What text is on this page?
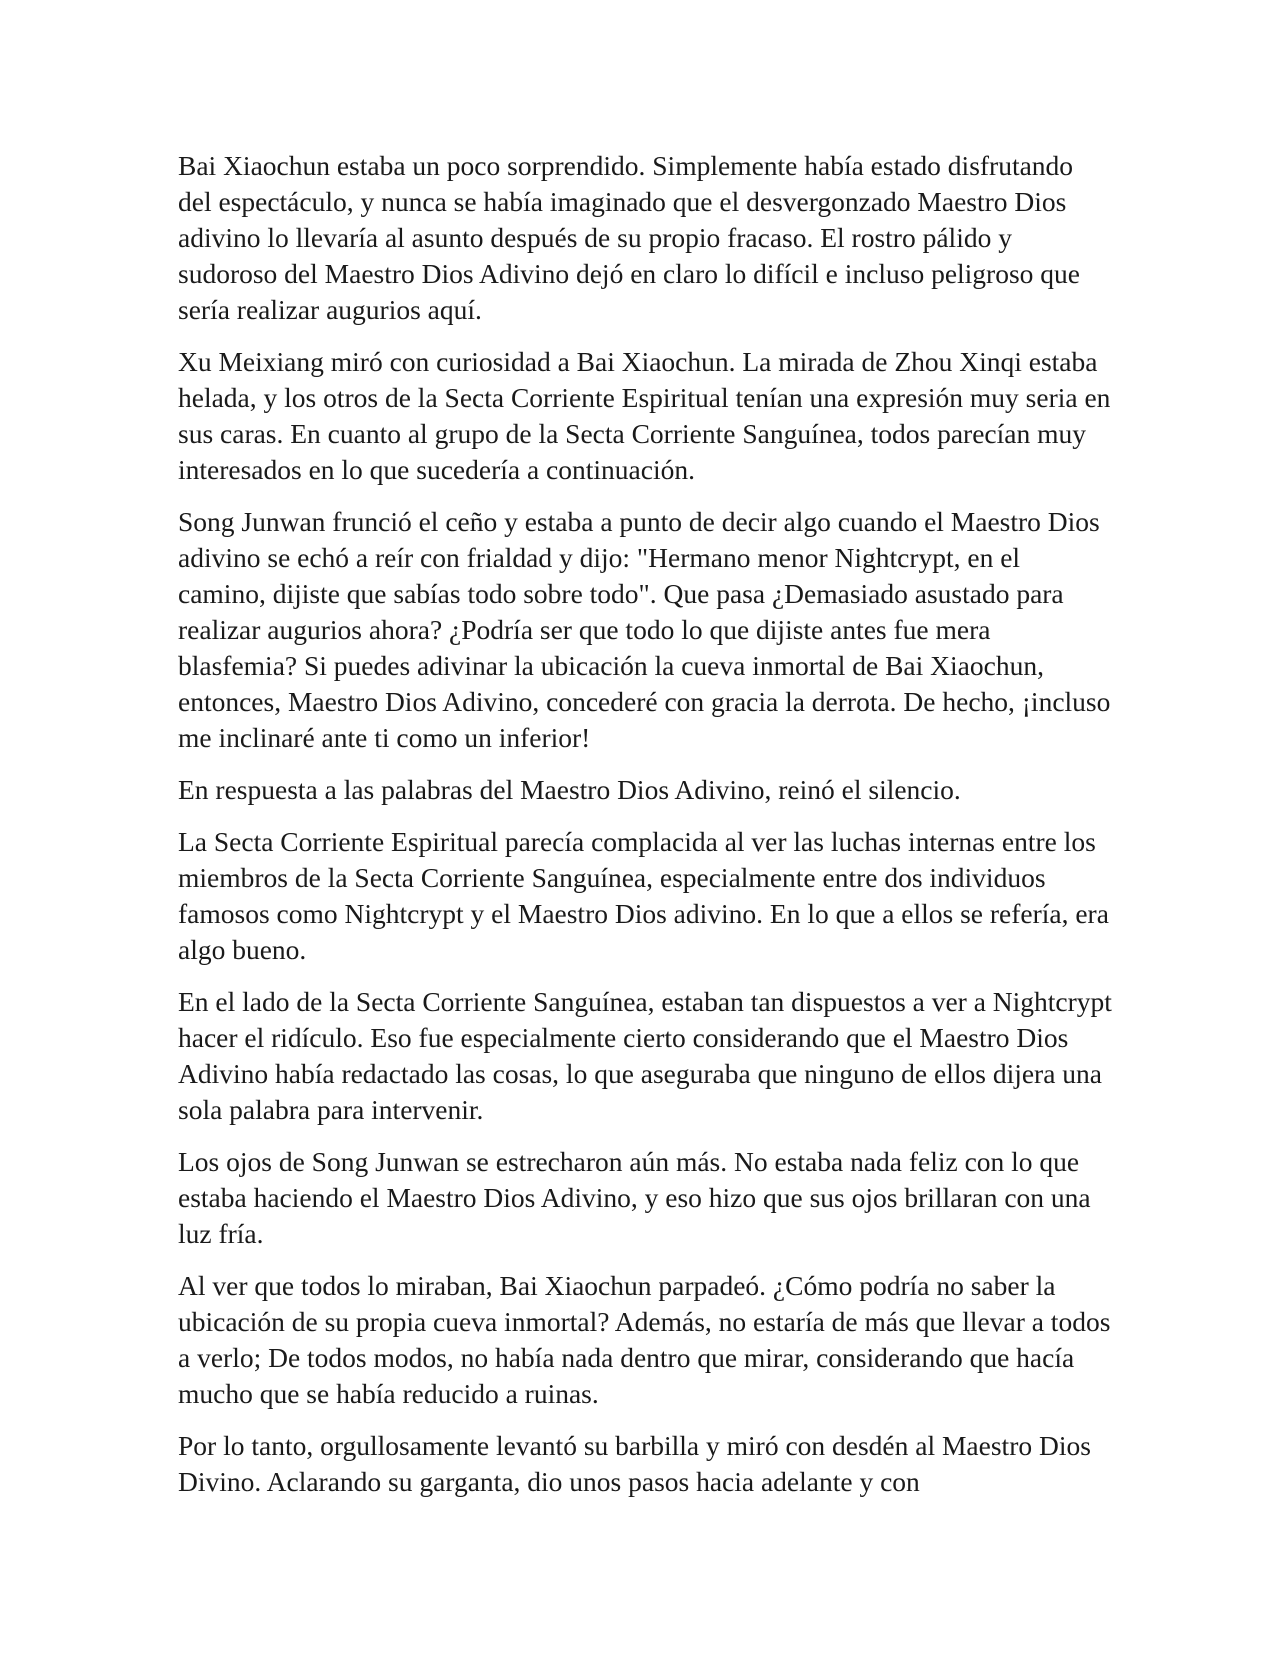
Bai Xiaochun estaba un poco sorprendido. Simplemente había estado disfrutando del espectáculo, y nunca se había imaginado que el desvergonzado Maestro Dios adivino lo llevaría al asunto después de su propio fracaso. El rostro pálido y sudoroso del Maestro Dios Adivino dejó en claro lo difícil e incluso peligroso que sería realizar augurios aquí.

Xu Meixiang miró con curiosidad a Bai Xiaochun. La mirada de Zhou Xinqi estaba helada, y los otros de la Secta Corriente Espiritual tenían una expresión muy seria en sus caras. En cuanto al grupo de la Secta Corriente Sanguínea, todos parecían muy interesados en lo que sucedería a continuación.

Song Junwan frunció el ceño y estaba a punto de decir algo cuando el Maestro Dios adivino se echó a reír con frialdad y dijo: "Hermano menor Nightcrypt, en el camino, dijiste que sabías todo sobre todo". Que pasa ¿Demasiado asustado para realizar augurios ahora? ¿Podría ser que todo lo que dijiste antes fue mera blasfemia? Si puedes adivinar la ubicación la cueva inmortal de Bai Xiaochun, entonces, Maestro Dios Adivino, concederé con gracia la derrota. De hecho, ¡incluso me inclinaré ante ti como un inferior!

En respuesta a las palabras del Maestro Dios Adivino, reinó el silencio.

La Secta Corriente Espiritual parecía complacida al ver las luchas internas entre los miembros de la Secta Corriente Sanguínea, especialmente entre dos individuos famosos como Nightcrypt y el Maestro Dios adivino. En lo que a ellos se refería, era algo bueno.

En el lado de la Secta Corriente Sanguínea, estaban tan dispuestos a ver a Nightcrypt hacer el ridículo. Eso fue especialmente cierto considerando que el Maestro Dios Adivino había redactado las cosas, lo que aseguraba que ninguno de ellos dijera una sola palabra para intervenir.

Los ojos de Song Junwan se estrecharon aún más. No estaba nada feliz con lo que estaba haciendo el Maestro Dios Adivino, y eso hizo que sus ojos brillaran con una luz fría.

Al ver que todos lo miraban, Bai Xiaochun parpadeó. ¿Cómo podría no saber la ubicación de su propia cueva inmortal? Además, no estaría de más que llevar a todos a verlo; De todos modos, no había nada dentro que mirar, considerando que hacía mucho que se había reducido a ruinas.

Por lo tanto, orgullosamente levantó su barbilla y miró con desdén al Maestro Dios Divino. Aclarando su garganta, dio unos pasos hacia adelante y con
